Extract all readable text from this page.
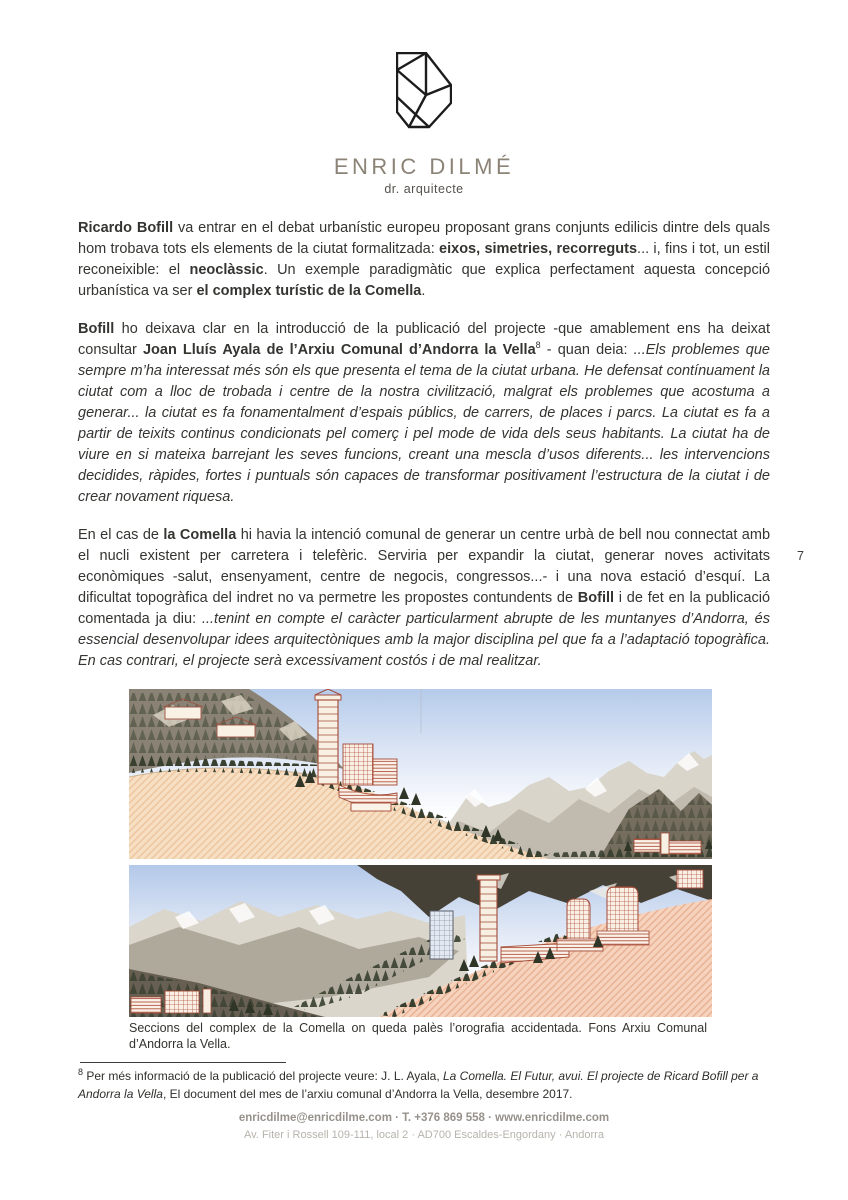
ENRIC DILMÉ
dr. arquitecte

Ricardo Bofill va entrar en el debat urbanístic europeu proposant grans conjunts edilicis dintre dels quals hom trobava tots els elements de la ciutat formalitzada: eixos, simetries, recorreguts... i, fins i tot, un estil reconeixible: el neoclàssic. Un exemple paradigmàtic que explica perfectament aquesta concepció urbanística va ser el complex turístic de la Comella.

Bofill ho deixava clar en la introducció de la publicació del projecte -que amablement ens ha deixat consultar Joan Lluís Ayala de l’Arxiu Comunal d’Andorra la Vella$^8$ - quan deia: ...Els problemes que sempre m’ha interessat més són els que presenta el tema de la ciutat urbana. He defensat contínuament la ciutat com a lloc de trobada i centre de la nostra civilització, malgrat els problemes que acostuma a generar... la ciutat es fa fonamentalment d’espais públics, de carrers, de places i parcs. La ciutat es fa a partir de teixits continus condicionats pel comerç i pel mode de vida dels seus habitants. La ciutat ha de viure en si mateixa barrejant les seves funcions, creant una mescla d’usos diferents... les intervencions decidides, ràpides, fortes i puntuals són capaces de transformar positivament l’estructura de la ciutat i de crear novament riquesa.

En el cas de la Comella hi havia la intenció comunal de generar un centre urbà de bell nou connectat amb el nucli existent per carretera i telefèric. Serviria per expandir la ciutat, generar noves activitats econòmiques -salut, ensenyament, centre de negocis, congressos...- i una nova estació d’esquí. La dificultat topogràfica del indret no va permetre les propostes contundents de Bofill i de fet en la publicació comentada ja diu: ...tenint en compte el caràcter particularment abrupte de les muntanyes d’Andorra, és essencial desenvolupar idees arquitectòniques amb la major disciplina pel que fa a l’adaptació topogràfica. En cas contrari, el projecte serà excessivament costós i de mal realitzar.

Seccions del complex de la Comella on queda palès l’orografia accidentada. Fons Arxiu Comunal d’Andorra la Vella.

$^8$ Per més informació de la publicació del projecte veure: J. L. Ayala, La Comella. El Futur, avui. El projecte de Ricard Bofill per a Andorra la Vella, El document del mes de l’arxiu comunal d’Andorra la Vella, desembre 2017.

enricdilme@enricdilme.com · T. +376 869 558 · www.enricdilme.com
Av. Fiter i Rossell 109-111, local 2 · AD700 Escaldes-Engordany · Andorra
7
